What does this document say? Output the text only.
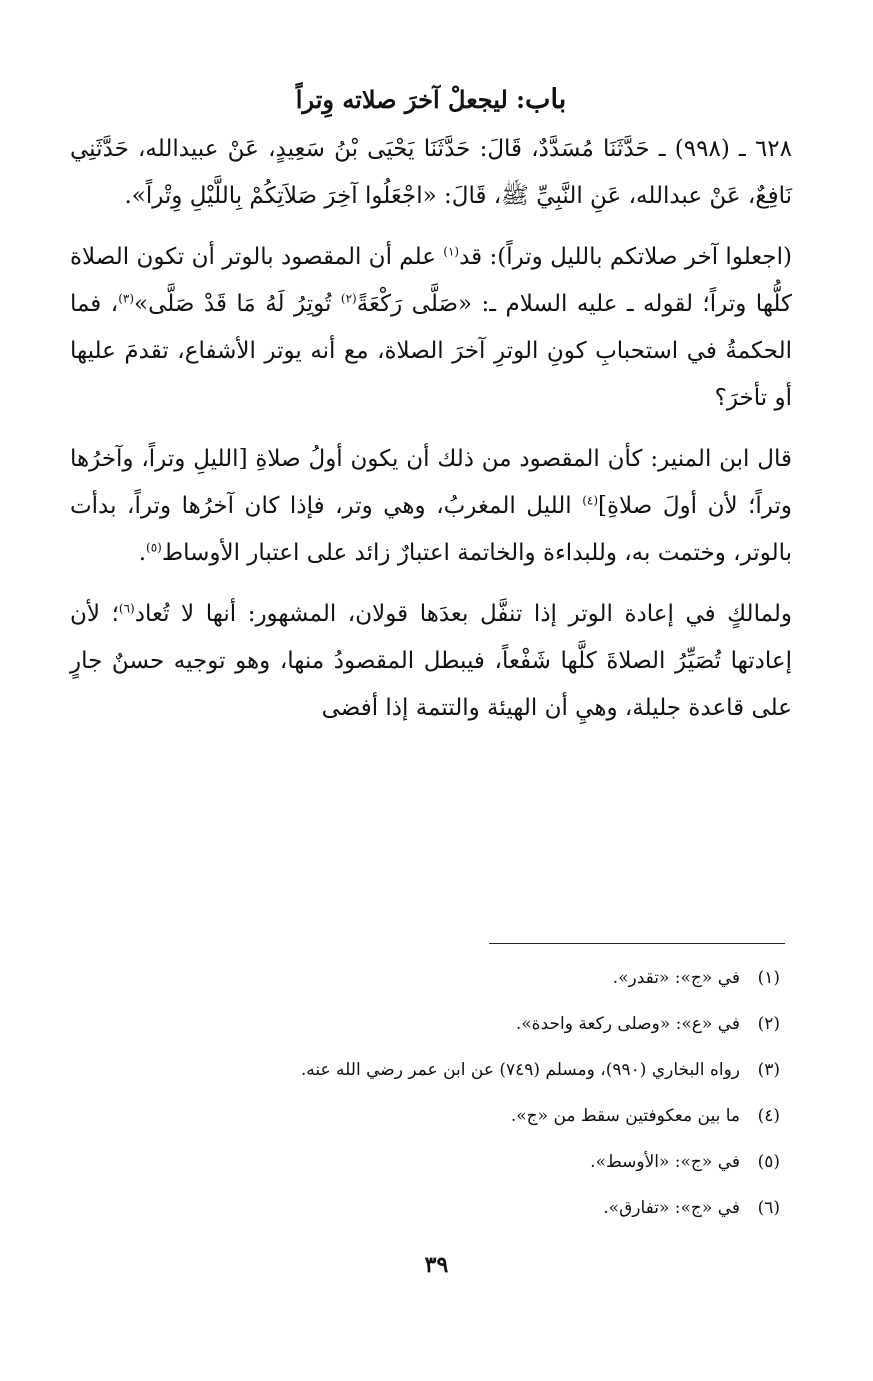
باب: ليجعلْ آخرَ صلاته وِتراً

٦٢٨ ـ (٩٩٨) ـ حَدَّثَنَا مُسَدَّدٌ، قَالَ: حَدَّثَنَا يَحْيَى بْنُ سَعِيدٍ، عَنْ عبيدالله، حَدَّثَنِي نَافِعٌ، عَنْ عبدالله، عَنِ النَّبِيِّ ﷺ، قَالَ: «اجْعَلُوا آخِرَ صَلاَتِكُمْ بِاللَّيْلِ وِتْراً».

(اجعلوا آخر صلاتكم بالليل وتراً): قد$^{(١)}$ علم أن المقصود بالوتر أن تكون الصلاة كلُّها وتراً؛ لقوله ـ عليه السلام ـ: «صَلَّى رَكْعَةً$^{(٢)}$ تُوتِرُ لَهُ مَا قَدْ صَلَّى»$^{(٣)}$، فما الحكمةُ في استحبابِ كونِ الوترِ آخرَ الصلاة، مع أنه يوتر الأشفاع، تقدمَ عليها أو تأخرَ؟

قال ابن المنير: كأن المقصود من ذلك أن يكون أولُ صلاةِ [الليلِ وتراً، وآخرُها وتراً؛ لأن أولَ صلاةِ]$^{(٤)}$ الليل المغربُ، وهي وتر، فإذا كان آخرُها وتراً، بدأت بالوتر، وختمت به، وللبداءة والخاتمة اعتبارٌ زائد على اعتبار الأوساط$^{(٥)}$.

ولمالكٍ في إعادة الوتر إذا تنفَّل بعدَها قولان، المشهور: أنها لا تُعاد$^{(٦)}$؛ لأن إعادتها تُصَيِّرُ الصلاةَ كلَّها شَفْعاً، فيبطل المقصودُ منها، وهو توجيه حسنٌ جارٍ على قاعدة جليلة، وهيِ أن الهيئة والتتمة إذا أفضى

(١)في «ج»: «تقدر».
(٢)في «ع»: «وصلى ركعة واحدة».
(٣)رواه البخاري (٩٩٠)، ومسلم (٧٤٩) عن ابن عمر رضي الله عنه.
(٤)ما بين معكوفتين سقط من «ج».
(٥)في «ج»: «الأوسط».
(٦)في «ج»: «تفارق».
٣٩
